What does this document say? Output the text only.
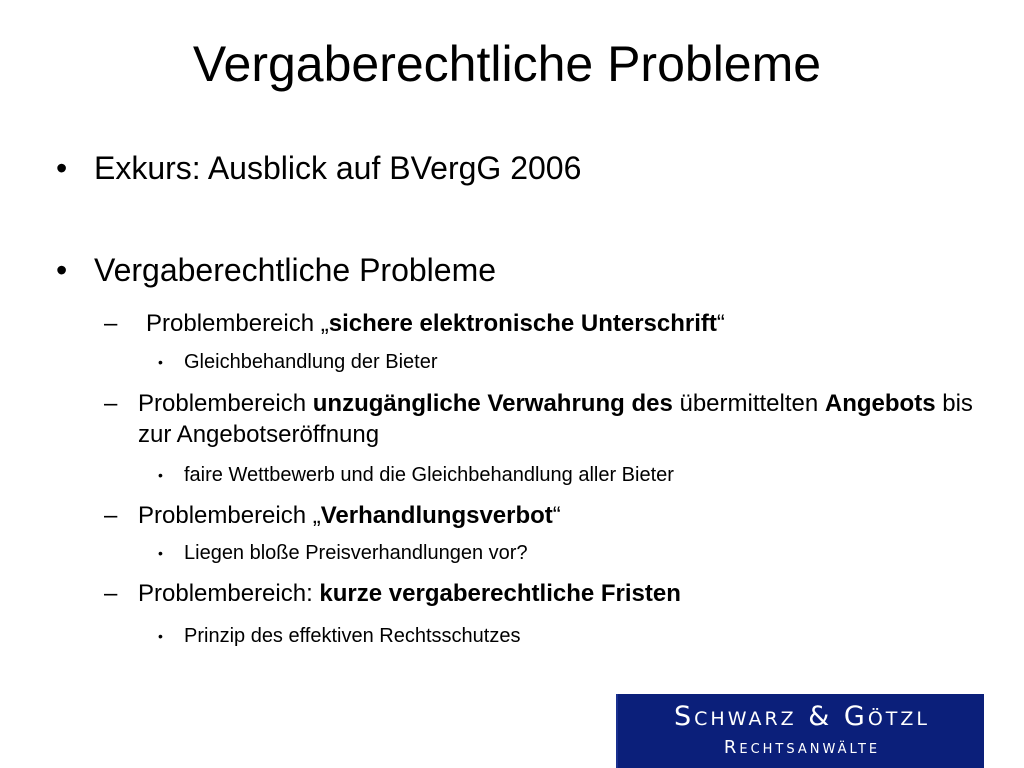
Vergaberechtliche Probleme
• Exkurs: Ausblick auf BVergG 2006
• Vergaberechtliche Probleme
– Problembereich „sichere elektronische Unterschrift“
• Gleichbehandlung der Bieter
– Problembereich unzugängliche Verwahrung des übermittelten Angebots bis zur Angebotseröffnung
• faire Wettbewerb und die Gleichbehandlung aller Bieter
– Problembereich „Verhandlungsverbot“
• Liegen bloße Preisverhandlungen vor?
– Problembereich: kurze vergaberechtliche Fristen
• Prinzip des effektiven Rechtsschutzes
Schwarz & Götzl
Rechtsanwälte
